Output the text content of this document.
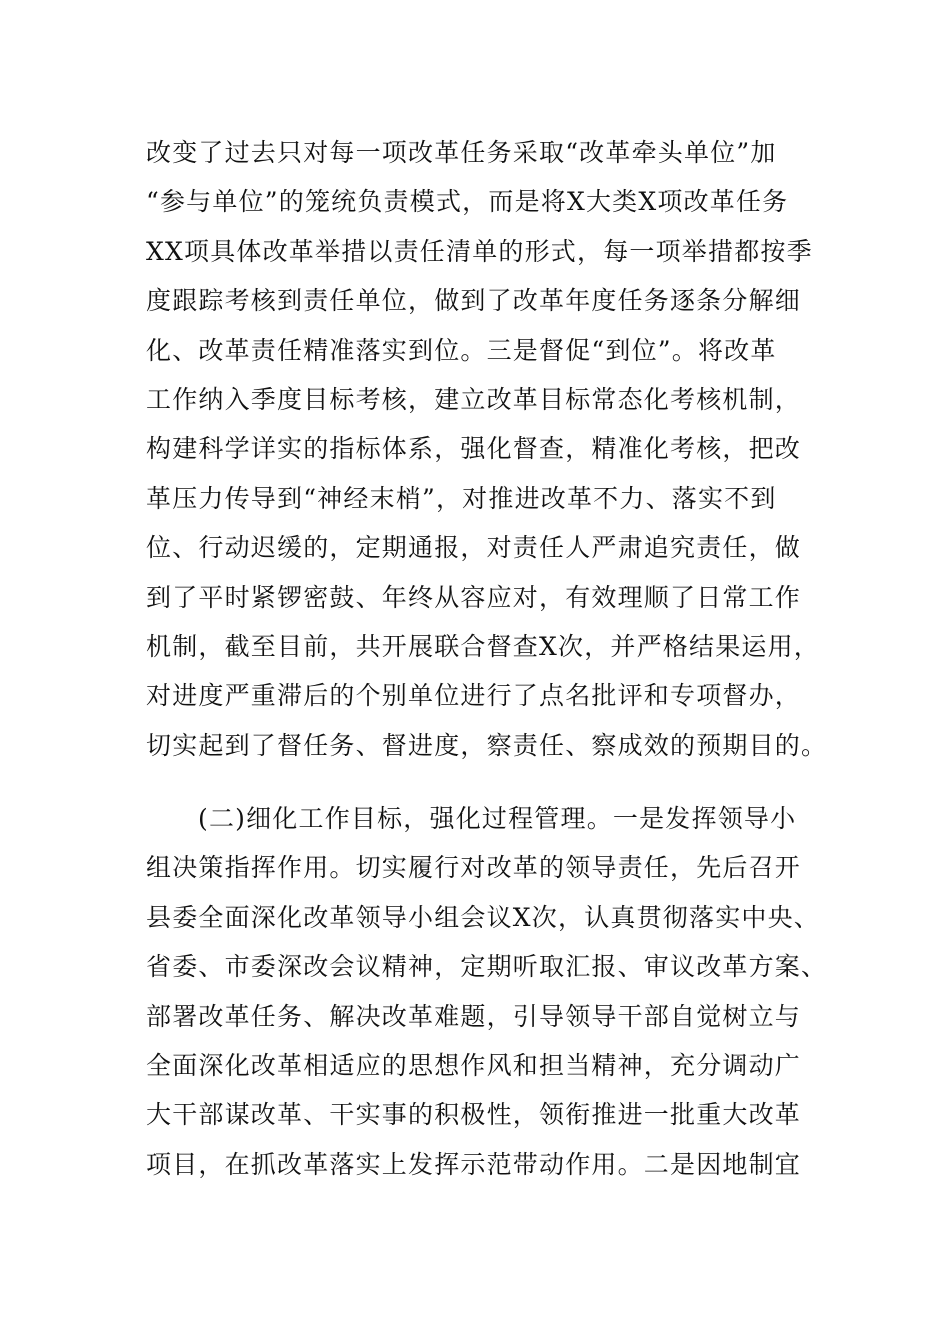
改变了过去只对每一项改革任务采取“改革牵头单位”加
“参与单位”的笼统负责模式，而是将X大类X项改革任务
XX项具体改革举措以责任清单的形式，每一项举措都按季
度跟踪考核到责任单位，做到了改革年度任务逐条分解细
化、改革责任精准落实到位。三是督促“到位”。将改革
工作纳入季度目标考核，建立改革目标常态化考核机制，
构建科学详实的指标体系，强化督查，精准化考核，把改
革压力传导到“神经末梢”，对推进改革不力、落实不到
位、行动迟缓的，定期通报，对责任人严肃追究责任，做
到了平时紧锣密鼓、年终从容应对，有效理顺了日常工作
机制，截至目前，共开展联合督查X次，并严格结果运用，
对进度严重滞后的个别单位进行了点名批评和专项督办，
切实起到了督任务、督进度，察责任、察成效的预期目的。
(二)细化工作目标，强化过程管理。一是发挥领导小
组决策指挥作用。切实履行对改革的领导责任，先后召开
县委全面深化改革领导小组会议X次，认真贯彻落实中央、
省委、市委深改会议精神，定期听取汇报、审议改革方案、
部署改革任务、解决改革难题，引导领导干部自觉树立与
全面深化改革相适应的思想作风和担当精神，充分调动广
大干部谋改革、干实事的积极性，领衔推进一批重大改革
项目，在抓改革落实上发挥示范带动作用。二是因地制宜
